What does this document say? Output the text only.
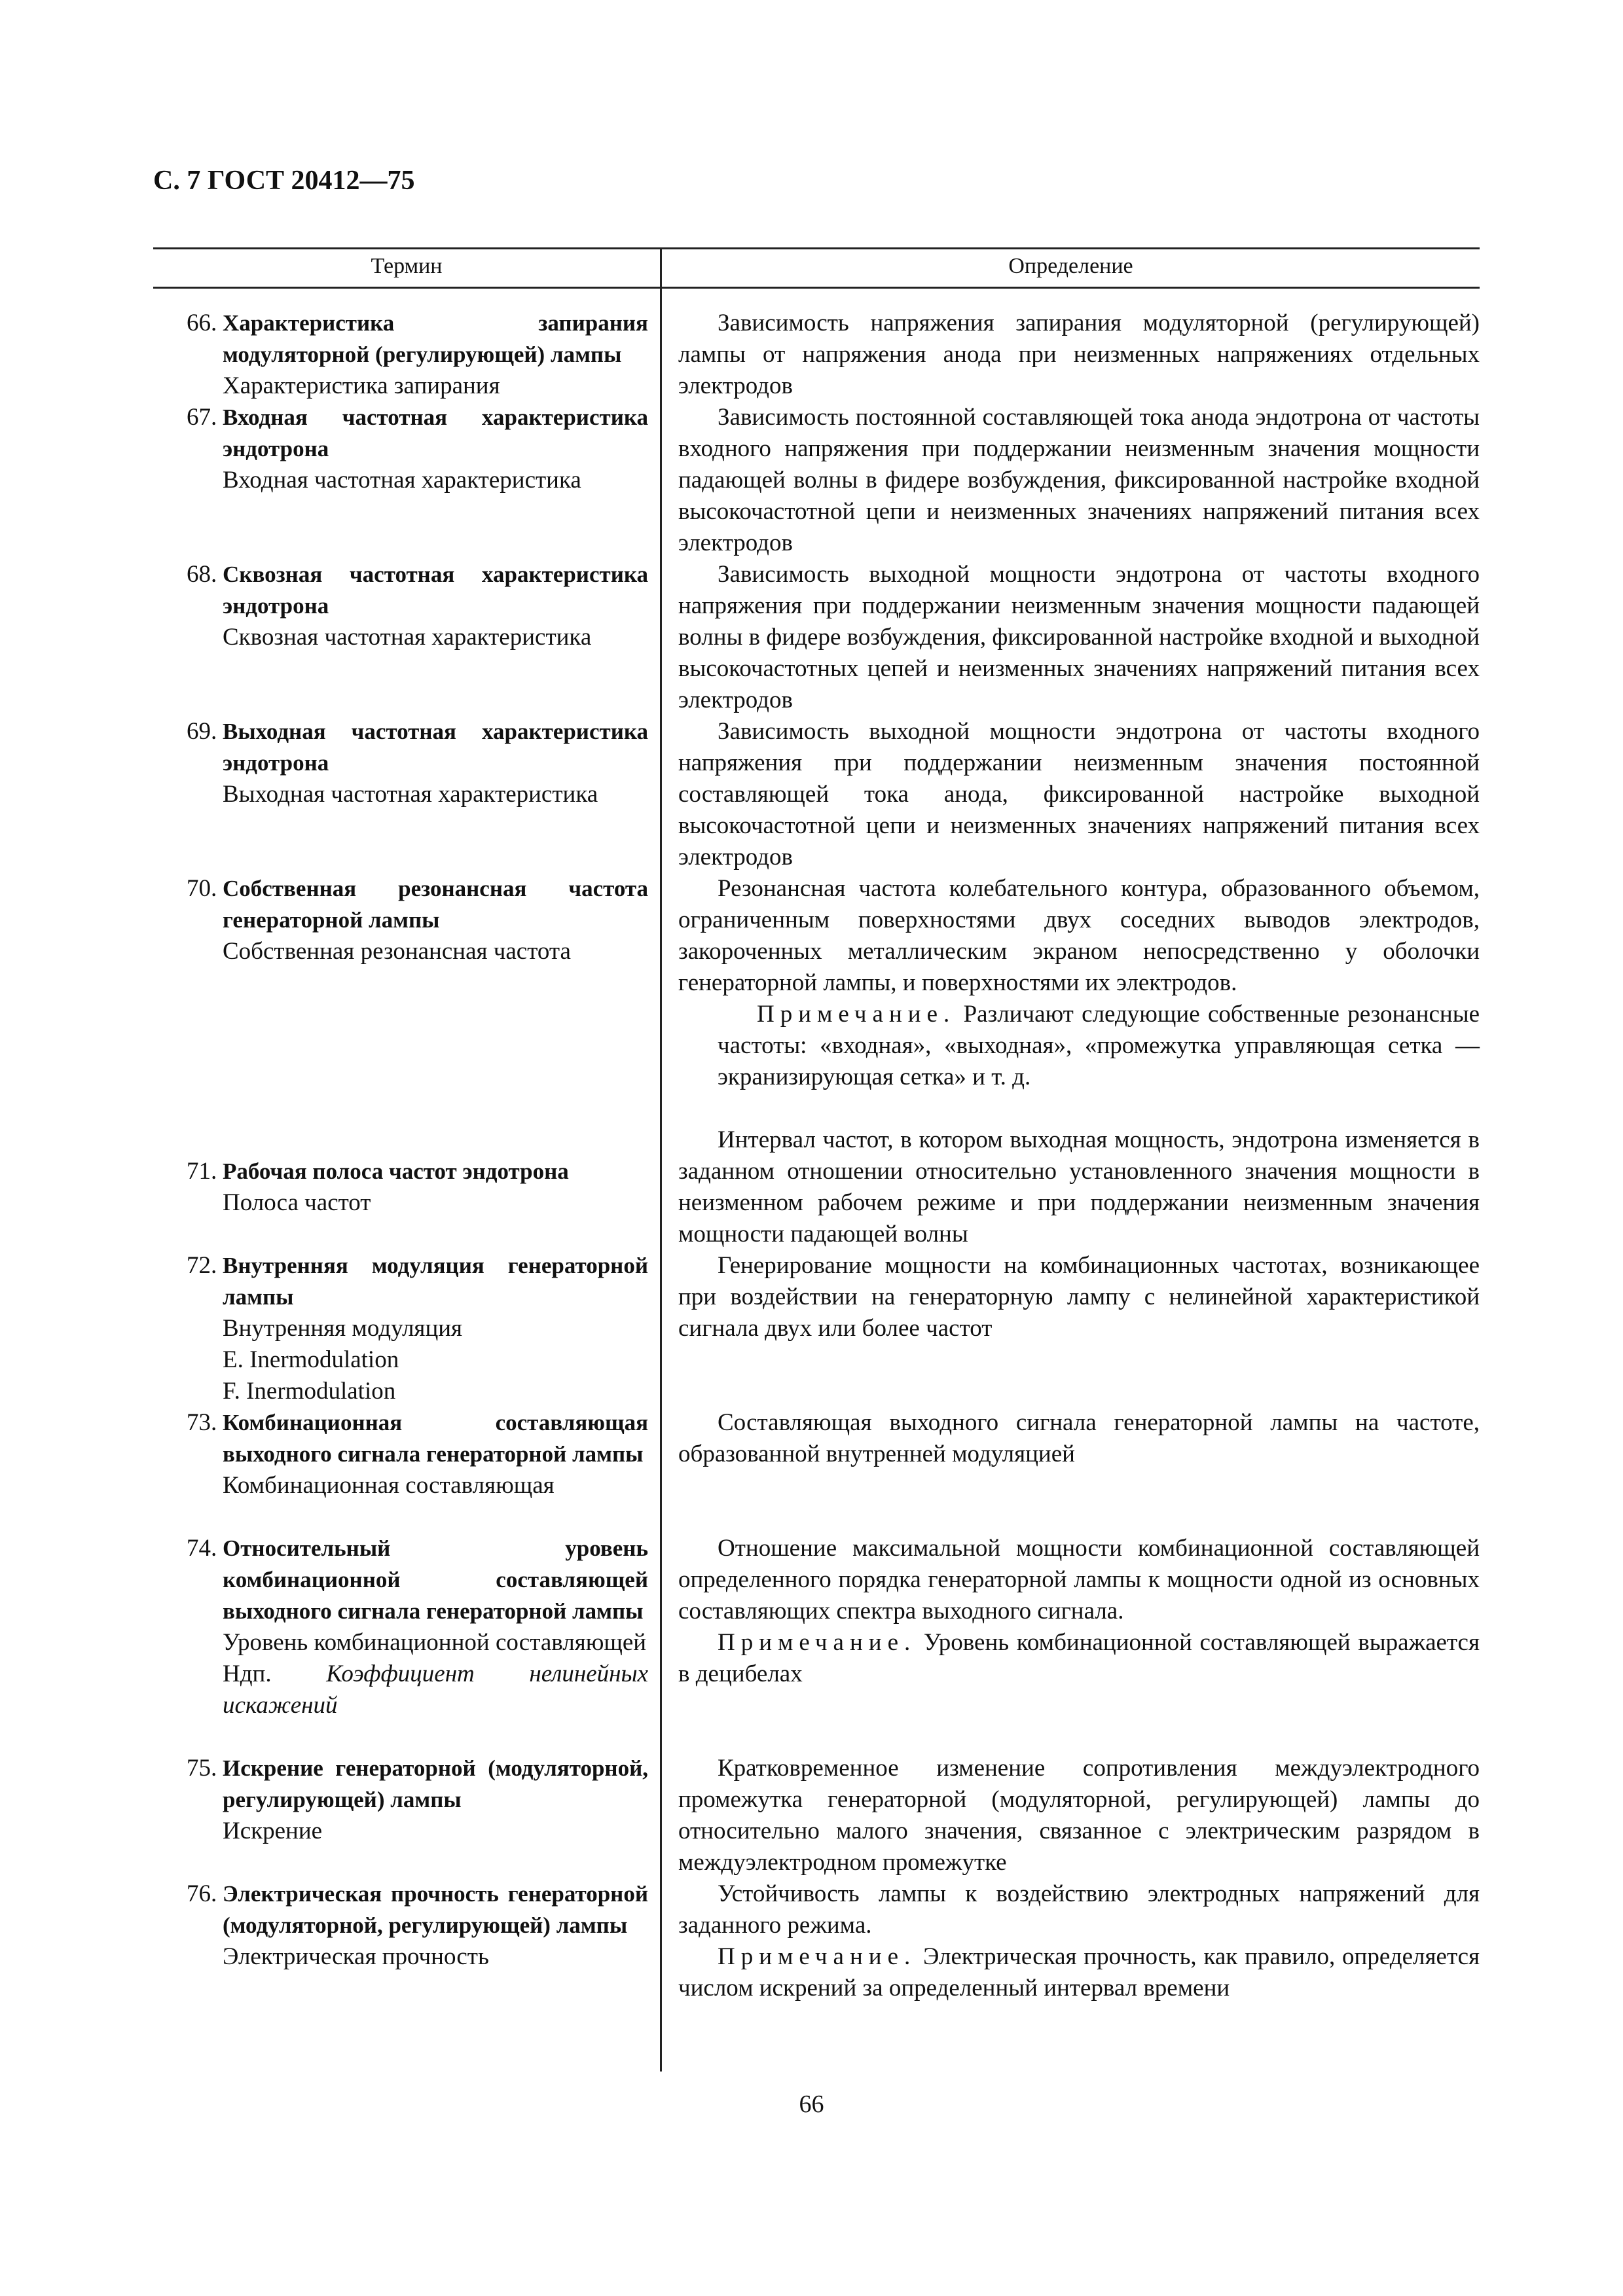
С. 7 ГОСТ 20412—75
Термин	Определение
66. Характеристика запирания модуляторной (регулирующей) лампы
Характеристика запирания
67. Входная частотная характеристика эндотрона
Входная частотная характеристика
68. Сквозная частотная характеристика эндотрона
Сквозная частотная характеристика
69. Выходная частотная характеристика эндотрона
Выходная частотная характеристика
70. Собственная резонансная частота генераторной лампы
Собственная резонансная частота
71. Рабочая полоса частот эндотрона
Полоса частот
72. Внутренняя модуляция генераторной лампы
Внутренняя модуляция
E. Inermodulation
F. Inermodulation
73. Комбинационная составляющая выходного сигнала генераторной лампы
Комбинационная составляющая
74. Относительный уровень комбинационной составляющей выходного сигнала генераторной лампы
Уровень комбинационной составляющей
Ндп. Коэффициент нелинейных искажений
75. Искрение генераторной (модуляторной, регулирующей) лампы
Искрение
76. Электрическая прочность генераторной (модуляторной, регулирующей) лампы
Электрическая прочность
Зависимость напряжения запирания модуляторной (регулирующей) лампы от напряжения анода при неизменных напряжениях отдельных электродов
Зависимость постоянной составляющей тока анода эндотрона от частоты входного напряжения при поддержании неизменным значения мощности падающей волны в фидере возбуждения, фиксированной настройке входной высокочастотной цепи и неизменных значениях напряжений питания всех электродов
Зависимость выходной мощности эндотрона от частоты входного напряжения при поддержании неизменным значения мощности падающей волны в фидере возбуждения, фиксированной настройке входной и выходной высокочастотных цепей и неизменных значениях напряжений питания всех электродов
Зависимость выходной мощности эндотрона от частоты входного напряжения при поддержании неизменным значения постоянной составляющей тока анода, фиксированной настройке выходной высокочастотной цепи и неизменных значениях напряжений питания всех электродов
Резонансная частота колебательного контура, образованного объемом, ограниченным поверхностями двух соседних выводов электродов, закороченных металлическим экраном непосредственно у оболочки генераторной лампы, и поверхностями их электродов.
Примечание. Различают следующие собственные резонансные частоты: «входная», «выходная», «промежутка управляющая сетка — экранизирующая сетка» и т. д.
Интервал частот, в котором выходная мощность, эндотрона изменяется в заданном отношении относительно установленного значения мощности в неизменном рабочем режиме и при поддержании неизменным значения мощности падающей волны
Генерирование мощности на комбинационных частотах, возникающее при воздействии на генераторную лампу с нелинейной характеристикой сигнала двух или более частот
Составляющая выходного сигнала генераторной лампы на частоте, образованной внутренней модуляцией
Отношение максимальной мощности комбинационной составляющей определенного порядка генераторной лампы к мощности одной из основных составляющих спектра выходного сигнала.
Примечание. Уровень комбинационной составляющей выражается в децибелах
Кратковременное изменение сопротивления междуэлектродного промежутка генераторной (модуляторной, регулирующей) лампы до относительно малого значения, связанное с электрическим разрядом в междуэлектродном промежутке
Устойчивость лампы к воздействию электродных напряжений для заданного режима.
Примечание. Электрическая прочность, как правило, определяется числом искрений за определенный интервал времени
66
